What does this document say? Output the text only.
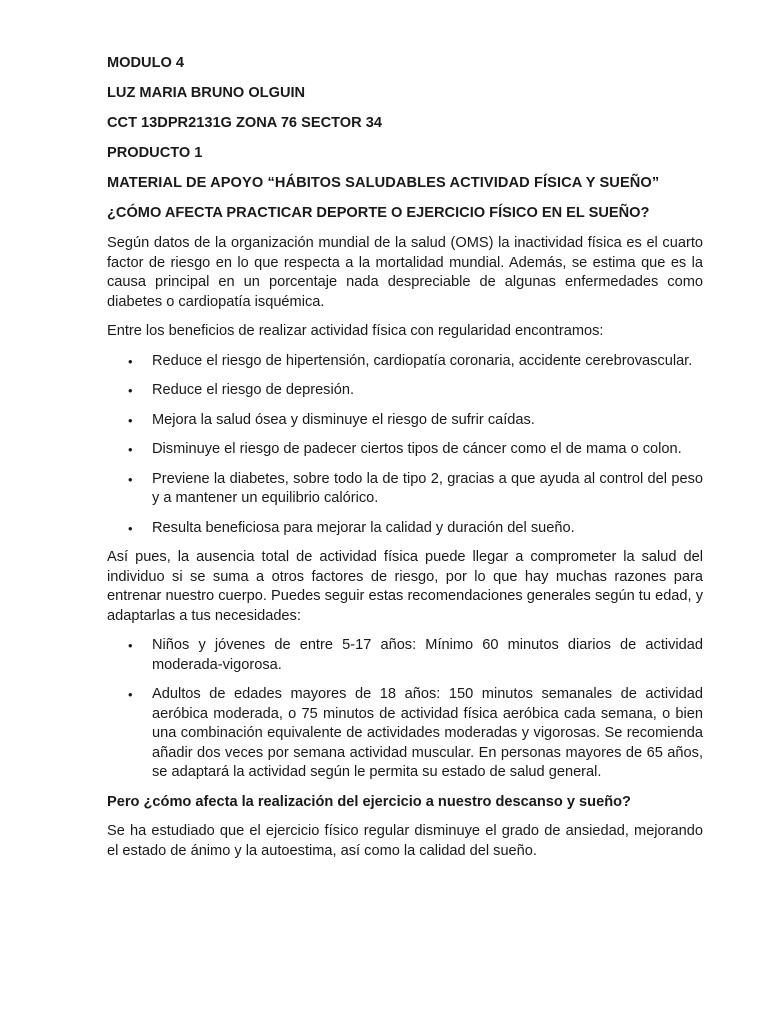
MODULO 4
LUZ MARIA BRUNO OLGUIN
CCT 13DPR2131G ZONA 76 SECTOR 34
PRODUCTO 1
MATERIAL DE APOYO “HÁBITOS SALUDABLES ACTIVIDAD FÍSICA Y SUEÑO”
¿CÓMO AFECTA PRACTICAR DEPORTE O EJERCICIO FÍSICO EN EL SUEÑO?

Según datos de la organización mundial de la salud (OMS) la inactividad física es el cuarto factor de riesgo en lo que respecta a la mortalidad mundial. Además, se estima que es la causa principal en un porcentaje nada despreciable de algunas enfermedades como diabetes o cardiopatía isquémica.

Entre los beneficios de realizar actividad física con regularidad encontramos:

• Reduce el riesgo de hipertensión, cardiopatía coronaria, accidente cerebrovascular.
• Reduce el riesgo de depresión.
• Mejora la salud ósea y disminuye el riesgo de sufrir caídas.
• Disminuye el riesgo de padecer ciertos tipos de cáncer como el de mama o colon.
• Previene la diabetes, sobre todo la de tipo 2, gracias a que ayuda al control del peso y a mantener un equilibrio calórico.
• Resulta beneficiosa para mejorar la calidad y duración del sueño.

Así pues, la ausencia total de actividad física puede llegar a comprometer la salud del individuo si se suma a otros factores de riesgo, por lo que hay muchas razones para entrenar nuestro cuerpo. Puedes seguir estas recomendaciones generales según tu edad, y adaptarlas a tus necesidades:

• Niños y jóvenes de entre 5-17 años: Mínimo 60 minutos diarios de actividad moderada-vigorosa.
• Adultos de edades mayores de 18 años: 150 minutos semanales de actividad aeróbica moderada, o 75 minutos de actividad física aeróbica cada semana, o bien una combinación equivalente de actividades moderadas y vigorosas. Se recomienda añadir dos veces por semana actividad muscular. En personas mayores de 65 años, se adaptará la actividad según le permita su estado de salud general.
Pero ¿cómo afecta la realización del ejercicio a nuestro descanso y sueño?

Se ha estudiado que el ejercicio físico regular disminuye el grado de ansiedad, mejorando el estado de ánimo y la autoestima, así como la calidad del sueño.
